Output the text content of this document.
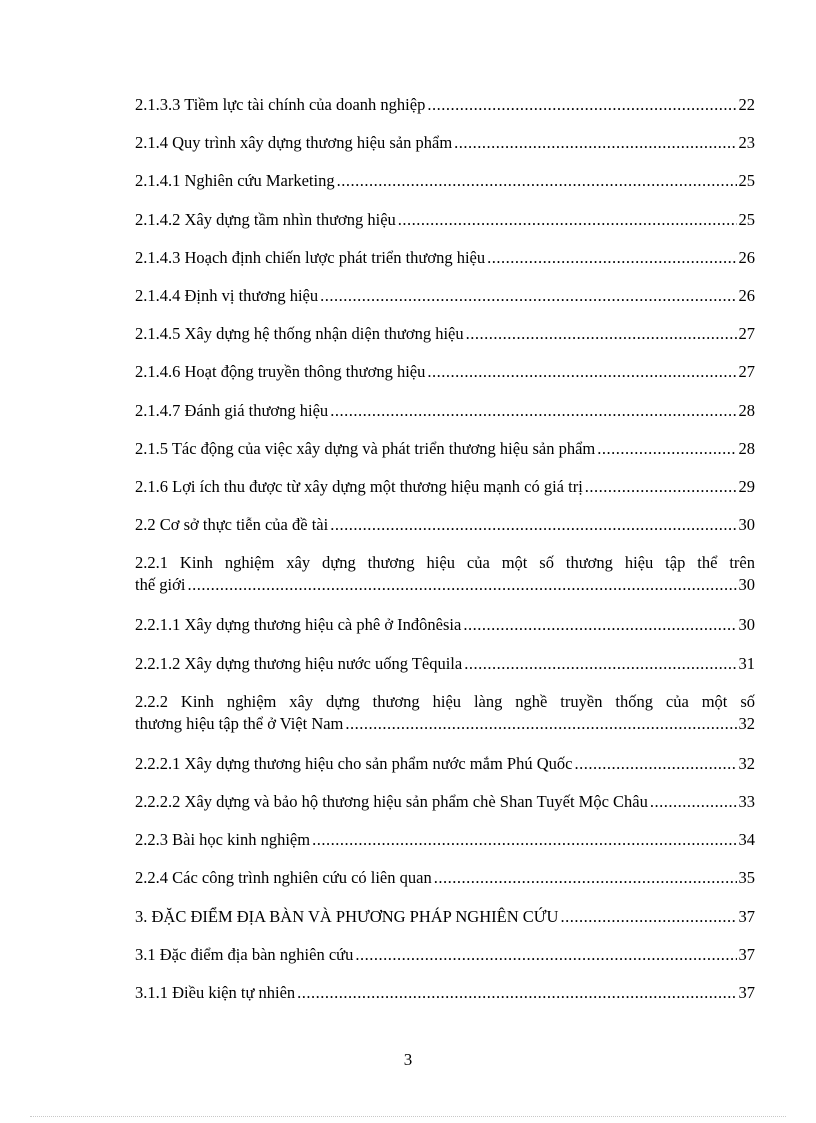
2.1.3.3 Tiềm lực tài chính của doanh nghiệp .....	22
2.1.4 Quy trình xây dựng thương hiệu sản phẩm .....	23
2.1.4.1 Nghiên cứu Marketing .....	25
2.1.4.2 Xây dựng tầm nhìn thương hiệu .....	25
2.1.4.3 Hoạch định chiến lược phát triển thương hiệu .....	26
2.1.4.4 Định vị thương hiệu .....	26
2.1.4.5 Xây dựng hệ thống nhận diện thương hiệu .....	27
2.1.4.6 Hoạt động truyền thông thương hiệu .....	27
2.1.4.7 Đánh giá thương hiệu .....	28
2.1.5 Tác động của việc xây dựng và phát triển thương hiệu sản phẩm .....	28
2.1.6 Lợi ích thu được từ xây dựng một thương hiệu mạnh có giá trị .....	29
2.2 Cơ sở thực tiễn của đề tài .....	30
2.2.1 Kinh nghiệm xây dựng thương hiệu của một số thương hiệu tập thể trên
thế giới .....	30
2.2.1.1 Xây dựng thương hiệu cà phê ở Inđônêsia .....	30
2.2.1.2 Xây dựng thương hiệu nước uống Têquila .....	31
2.2.2 Kinh nghiệm xây dựng thương hiệu làng nghề truyền thống của một số
thương hiệu tập thể ở Việt Nam .....	32
2.2.2.1 Xây dựng thương hiệu cho sản phẩm nước mắm Phú Quốc .....	32
2.2.2.2 Xây dựng và bảo hộ thương hiệu sản phẩm chè Shan Tuyết Mộc Châu .....	33
2.2.3 Bài học kinh nghiệm .....	34
2.2.4 Các công trình nghiên cứu có liên quan .....	35
3. ĐẶC ĐIỂM ĐỊA BÀN VÀ PHƯƠNG PHÁP NGHIÊN CỨU .....	37
3.1 Đặc điểm địa bàn nghiên cứu .....	37
3.1.1 Điều kiện tự nhiên .....	37
3
